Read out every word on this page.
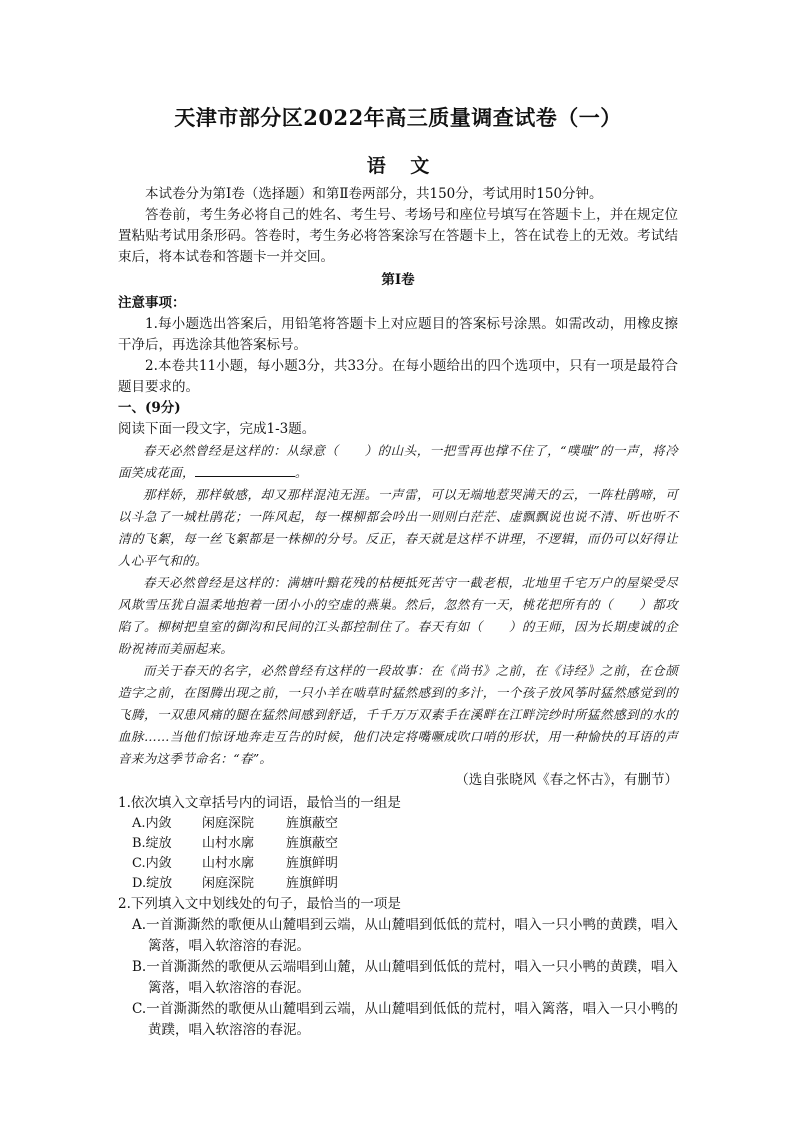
天津市部分区2022年高三质量调查试卷（一）
语 文

本试卷分为第Ⅰ卷（选择题）和第Ⅱ卷两部分，共150分，考试用时150分钟。

答卷前，考生务必将自己的姓名、考生号、考场号和座位号填写在答题卡上，并在规定位置粘贴考试用条形码。答卷时，考生务必将答案涂写在答题卡上，答在试卷上的无效。考试结束后，将本试卷和答题卡一并交回。

第Ⅰ卷

注意事项：

1.每小题选出答案后，用铅笔将答题卡上对应题目的答案标号涂黑。如需改动，用橡皮擦干净后，再选涂其他答案标号。

2.本卷共11小题，每小题3分，共33分。在每小题给出的四个选项中，只有一项是最符合题目要求的。

一、(9分)

阅读下面一段文字，完成1-3题。

春天必然曾经是这样的：从绿意（　　）的山头，一把雪再也撑不住了，“噗嗤”的一声，将冷面笑成花面，	。

那样娇，那样敏感，却又那样混沌无涯。一声雷，可以无端地惹哭满天的云，一阵杜鹃啼，可以斗急了一城杜鹃花；一阵风起，每一棵柳都会吟出一则则白茫茫、虚飘飘说也说不清、听也听不清的飞絮，每一丝飞絮都是一株柳的分号。反正，春天就是这样不讲理，不逻辑，而仍可以好得让人心平气和的。

春天必然曾经是这样的：满塘叶黯花残的枯梗抵死苦守一截老根，北地里千宅万户的屋梁受尽风欺雪压犹自温柔地抱着一团小小的空虚的燕巢。然后，忽然有一天，桃花把所有的（　　）都攻陷了。柳树把皇室的御沟和民间的江头都控制住了。春天有如（　　）的王师，因为长期虔诚的企盼祝祷而美丽起来。

而关于春天的名字，必然曾经有这样的一段故事：在《尚书》之前，在《诗经》之前，在仓颉造字之前，在图腾出现之前，一只小羊在啮草时猛然感到的多汁，一个孩子放风筝时猛然感觉到的飞腾，一双患风痛的腿在猛然间感到舒适，千千万万双素手在溪畔在江畔浣纱时所猛然感到的水的血脉……当他们惊讶地奔走互告的时候，他们决定将嘴噘成吹口哨的形状，用一种愉快的耳语的声音来为这季节命名：“春”。

（选自张晓风《春之怀古》，有删节）

1.依次填入文章括号内的词语，最恰当的一组是

A.内敛	闲庭深院	旌旗蔽空
B.绽放	山村水廓	旌旗蔽空
C.内敛	山村水廓	旌旗鲜明
D.绽放	闲庭深院	旌旗鲜明

2.下列填入文中划线处的句子，最恰当的一项是

A.一首澌澌然的歌便从山麓唱到云端，从山麓唱到低低的荒村，唱入一只小鸭的黄蹼，唱入篱落，唱入软溶溶的春泥。

B.一首澌澌然的歌便从云端唱到山麓，从山麓唱到低低的荒村，唱入一只小鸭的黄蹼，唱入篱落，唱入软溶溶的春泥。

C.一首澌澌然的歌便从山麓唱到云端，从山麓唱到低低的荒村，唱入篱落，唱入一只小鸭的黄蹼，唱入软溶溶的春泥。
